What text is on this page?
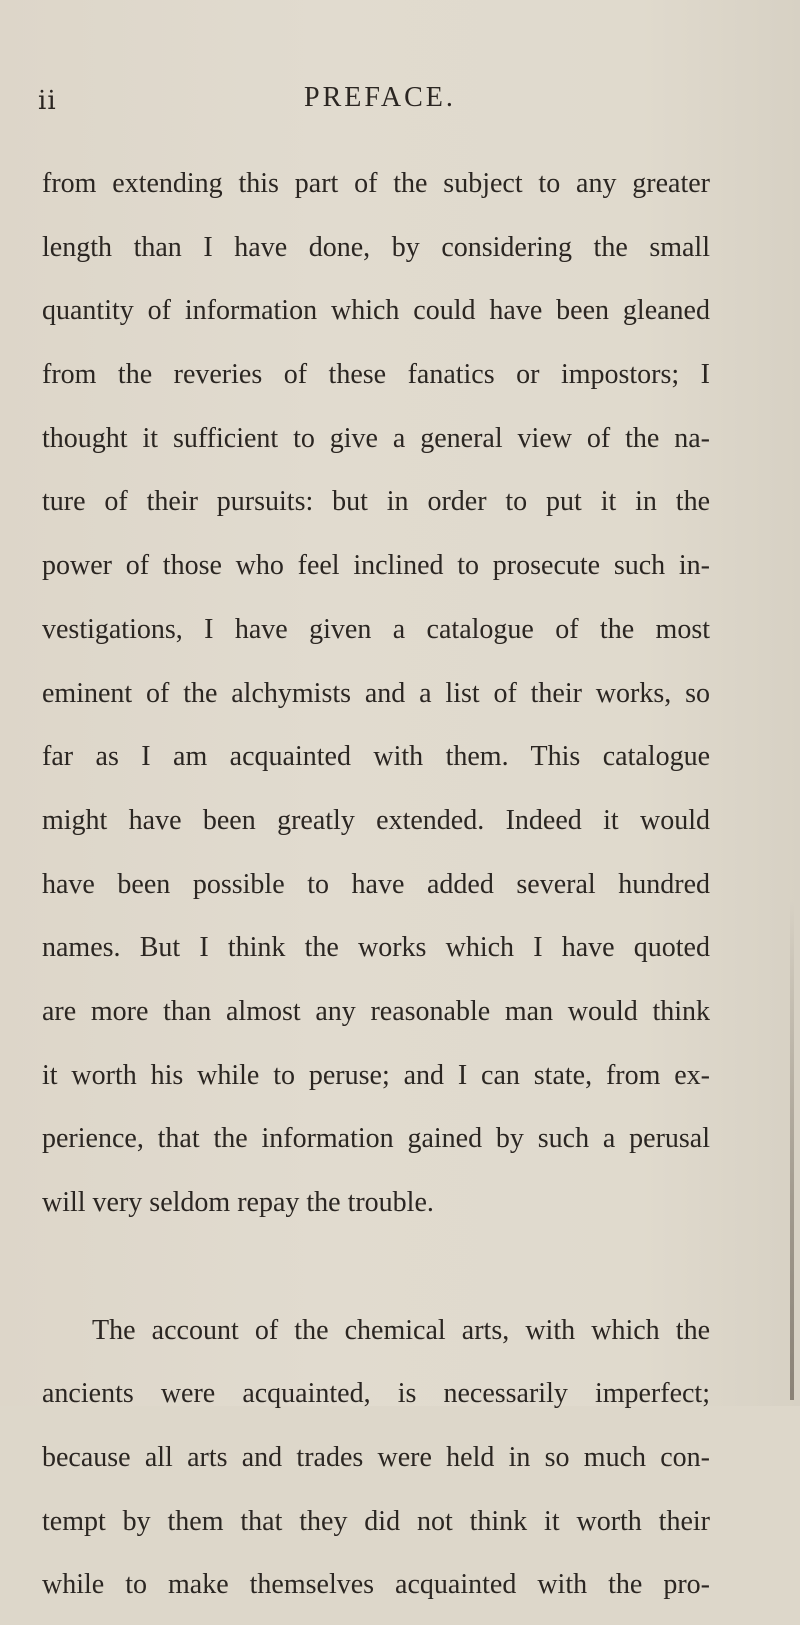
ii	PREFACE.
from extending this part of the subject to any greater
length than I have done, by considering the small
quantity of information which could have been gleaned
from the reveries of these fanatics or impostors; I
thought it sufficient to give a general view of the na-
ture of their pursuits: but in order to put it in the
power of those who feel inclined to prosecute such in-
vestigations, I have given a catalogue of the most
eminent of the alchymists and a list of their works, so
far as I am acquainted with them. This catalogue
might have been greatly extended. Indeed it would
have been possible to have added several hundred
names. But I think the works which I have quoted
are more than almost any reasonable man would think
it worth his while to peruse; and I can state, from ex-
perience, that the information gained by such a perusal
will very seldom repay the trouble.
The account of the chemical arts, with which the
ancients were acquainted, is necessarily imperfect;
because all arts and trades were held in so much con-
tempt by them that they did not think it worth their
while to make themselves acquainted with the pro-
